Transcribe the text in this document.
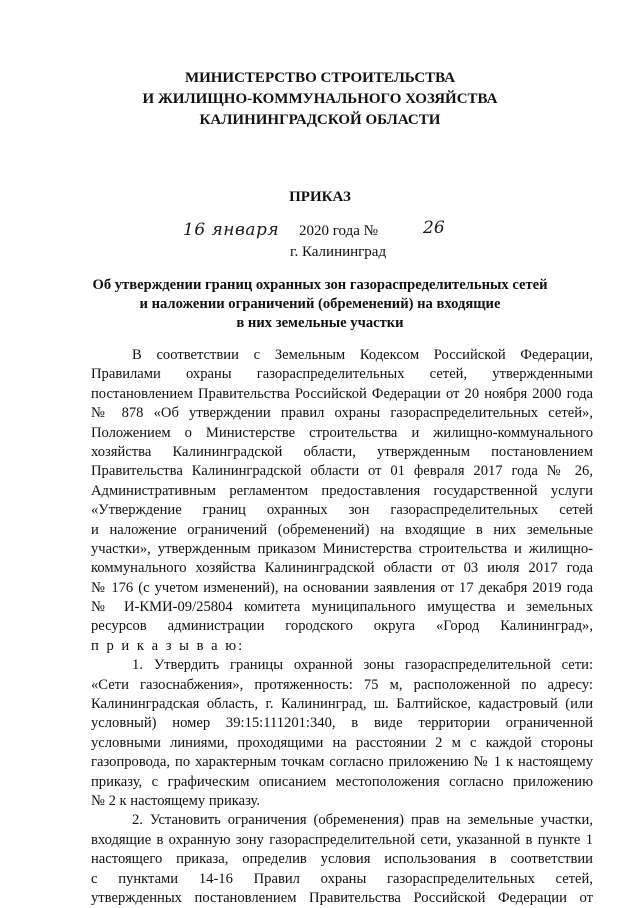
МИНИСТЕРСТВО СТРОИТЕЛЬСТВА
И ЖИЛИЩНО-КОММУНАЛЬНОГО ХОЗЯЙСТВА
КАЛИНИНГРАДСКОЙ ОБЛАСТИ
ПРИКАЗ
16 января 2020 года №	26
г. Калининград
Об утверждении границ охранных зон газораспределительных сетей
и наложении ограничений (обременений) на входящие
в них земельные участки
В соответствии с Земельным Кодексом Российской Федерации,
Правилами охраны газораспределительных сетей, утвержденными
постановлением Правительства Российской Федерации от 20 ноября 2000 года
№ 878 «Об утверждении правил охраны газораспределительных сетей»,
Положением о Министерстве строительства и жилищно-коммунального
хозяйства Калининградской области, утвержденным постановлением
Правительства Калининградской области от 01 февраля 2017 года № 26,
Административным регламентом предоставления государственной услуги
«Утверждение границ охранных зон газораспределительных сетей
и наложение ограничений (обременений) на входящие в них земельные
участки», утвержденным приказом Министерства строительства и жилищно-
коммунального хозяйства Калининградской области от 03 июля 2017 года
№ 176 (с учетом изменений), на основании заявления от 17 декабря 2019 года
№ И-КМИ-09/25804 комитета муниципального имущества и земельных
ресурсов администрации городского округа «Город Калининград»,
п р и к а з ы в а ю:
1. Утвердить границы охранной зоны газораспределительной сети:
«Сети газоснабжения», протяженность: 75 м, расположенной по адресу:
Калининградская область, г. Калининград, ш. Балтийское, кадастровый (или
условный) номер 39:15:111201:340, в виде территории ограниченной
условными линиями, проходящими на расстоянии 2 м с каждой стороны
газопровода, по характерным точкам согласно приложению № 1 к настоящему
приказу, с графическим описанием местоположения согласно приложению
№ 2 к настоящему приказу.
2. Установить ограничения (обременения) прав на земельные участки,
входящие в охранную зону газораспределительной сети, указанной в пункте 1
настоящего приказа, определив условия использования в соответствии
с пунктами 14-16 Правил охраны газораспределительных сетей,
утвержденных постановлением Правительства Российской Федерации от
